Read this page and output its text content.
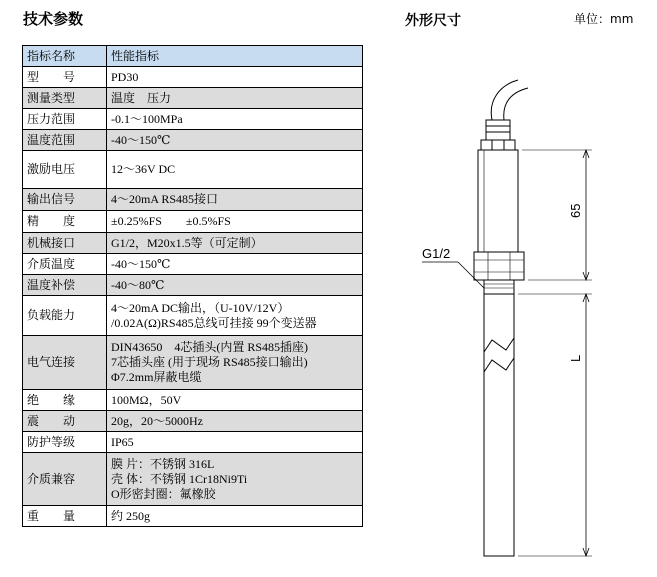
技术参数	外形尺寸	单位：mm
指标名称	性能指标
型　　号	PD30

测量类型	温度　压力

压力范围	-0.1～100MPa

温度范围	-40～150℃

激励电压	12～36V DC

输出信号	4～20mA RS485接口

精　　度	±0.25%FS　　±0.5%FS

机械接口	G1/2，M20x1.5等（可定制）

介质温度	-40～150℃

温度补偿	-40～80℃

负载能力	4～20mA DC输出，（U-10V/12V）
/0.02A(Ω)RS485总线可挂接 99个变送器

电气连接	DIN43650　4芯插头(内置 RS485插座)
7芯插头座 (用于现场 RS485接口输出)
Φ7.2mm屏蔽电缆

绝　　缘	100MΩ，50V

震　　动	20g，20～5000Hz

防护等级	IP65

介质兼容	膜 片：不锈钢 316L
壳 体：不锈钢 1Cr18Ni9Ti
O形密封圈：氟橡胶

重　　量	约 250g
G1/2
65
L
